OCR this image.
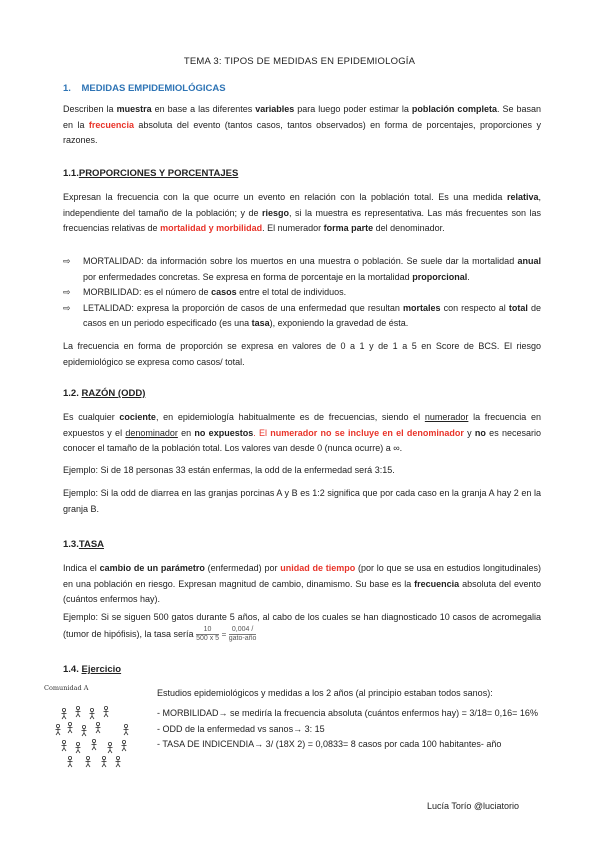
TEMA 3: TIPOS DE MEDIDAS EN EPIDEMIOLOGÍA
1. MEDIDAS EMPIDEMIOLÓGICAS

Describen la muestra en base a las diferentes variables para luego poder estimar la población completa. Se basan en la frecuencia absoluta del evento (tantos casos, tantos observados) en forma de porcentajes, proporciones y razones.

1.1.PROPORCIONES Y PORCENTAJES

Expresan la frecuencia con la que ocurre un evento en relación con la población total. Es una medida relativa, independiente del tamaño de la población; y de riesgo, si la muestra es representativa. Las más frecuentes son las frecuencias relativas de mortalidad y morbilidad. El numerador forma parte del denominador.

⇨ MORTALIDAD: da información sobre los muertos en una muestra o población. Se suele dar la mortalidad anual por enfermedades concretas. Se expresa en forma de porcentaje en la mortalidad proporcional.
⇨ MORBILIDAD: es el número de casos entre el total de individuos.
⇨ LETALIDAD: expresa la proporción de casos de una enfermedad que resultan mortales con respecto al total de casos en un periodo especificado (es una tasa), exponiendo la gravedad de ésta.

La frecuencia en forma de proporción se expresa en valores de 0 a 1 y de 1 a 5 en Score de BCS. El riesgo epidemiológico se expresa como casos/ total.

1.2. RAZÓN (ODD)

Es cualquier cociente, en epidemiología habitualmente es de frecuencias, siendo el numerador la frecuencia en expuestos y el denominador en no expuestos. El numerador no se incluye en el denominador y no es necesario conocer el tamaño de la población total. Los valores van desde 0 (nunca ocurre) a ∞.

Ejemplo: Si de 18 personas 33 están enfermas, la odd de la enfermedad será 3:15.

Ejemplo: Si la odd de diarrea en las granjas porcinas A y B es 1:2 significa que por cada caso en la granja A hay 2 en la granja B.

1.3.TASA

Indica el cambio de un parámetro (enfermedad) por unidad de tiempo (por lo que se usa en estudios longitudinales) en una población en riesgo. Expresan magnitud de cambio, dinamismo. Su base es la frecuencia absoluta del evento (cuántos enfermos hay).

Ejemplo: Si se siguen 500 gatos durante 5 años, al cabo de los cuales se han diagnosticado 10 casos de acromegalia (tumor de hipófisis), la tasa sería $\frac{10}{500 x 5} = \frac{0,004 /}{\text{gato-año}}$

1.4. Ejercicio
Comunidad A	Estudios epidemiológicos y medidas a los 2 años (al principio estaban todos sanos):

- MORBILIDAD→ se mediría la frecuencia absoluta (cuántos enfermos hay) = 3/18= 0,16= 16%
- ODD de la enfermedad vs sanos→ 3: 15
- TASA DE INDICENDIA→ 3/ (18X 2) = 0,0833= 8 casos por cada 100 habitantes- año
Lucía Torío @luciatorio
